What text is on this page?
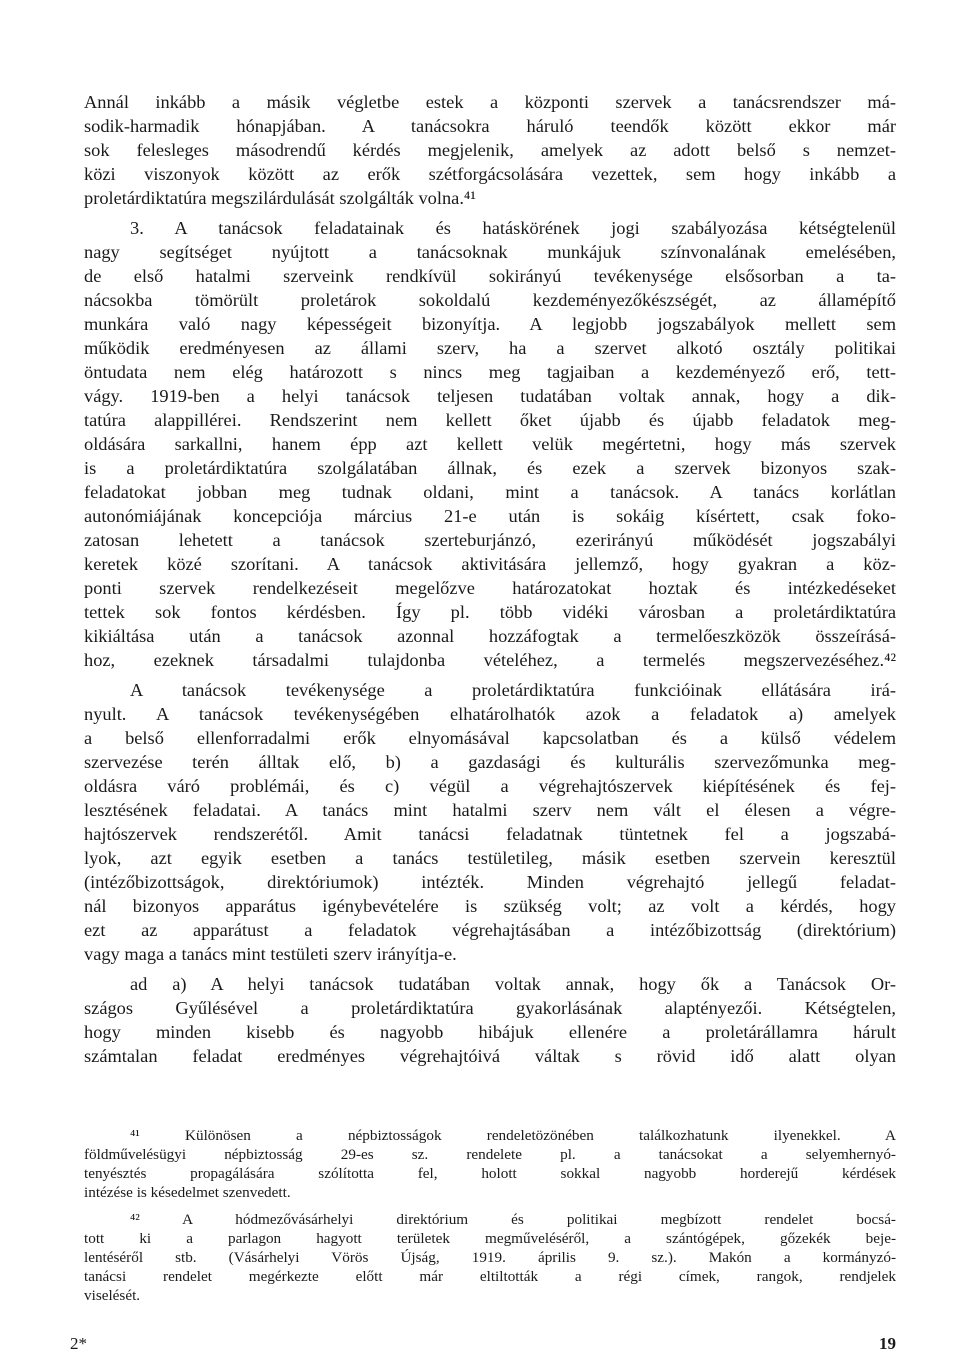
Annál inkább a másik végletbe estek a központi szervek a tanácsrendszer má-
sodik-harmadik hónapjában. A tanácsokra háruló teendők között ekkor már
sok felesleges másodrendű kérdés megjelenik, amelyek az adott belső s nemzet-
közi viszonyok között az erők szétforgácsolására vezettek, sem hogy inkább a
proletárdiktatúra megszilárdulását szolgálták volna.⁴¹
3. A tanácsok feladatainak és hatáskörének jogi szabályozása kétségtelenül
nagy segítséget nyújtott a tanácsoknak munkájuk színvonalának emelésében,
de első hatalmi szerveink rendkívül sokirányú tevékenysége elsősorban a ta-
nácsokba tömörült proletárok sokoldalú kezdeményezőkészségét, az államépítő
munkára való nagy képességeit bizonyítja. A legjobb jogszabályok mellett sem
működik eredményesen az állami szerv, ha a szervet alkotó osztály politikai
öntudata nem elég határozott s nincs meg tagjaiban a kezdeményező erő, tett-
vágy. 1919-ben a helyi tanácsok teljesen tudatában voltak annak, hogy a dik-
tatúra alappillérei. Rendszerint nem kellett őket újabb és újabb feladatok meg-
oldására sarkallni, hanem épp azt kellett velük megértetni, hogy más szervek
is a proletárdiktatúra szolgálatában állnak, és ezek a szervek bizonyos szak-
feladatokat jobban meg tudnak oldani, mint a tanácsok. A tanács korlátlan
autonómiájának koncepciója március 21-e után is sokáig kísértett, csak foko-
zatosan lehetett a tanácsok szerteburjánzó, ezerirányú működését jogszabályi
keretek közé szorítani. A tanácsok aktivitására jellemző, hogy gyakran a köz-
ponti szervek rendelkezéseit megelőzve határozatokat hoztak és intézkedéseket
tettek sok fontos kérdésben. Így pl. több vidéki városban a proletárdiktatúra
kikiáltása után a tanácsok azonnal hozzáfogtak a termelőeszközök összeírásá-
hoz, ezeknek társadalmi tulajdonba vételéhez, a termelés megszervezéséhez.⁴²
A tanácsok tevékenysége a proletárdiktatúra funkcióinak ellátására irá-
nyult. A tanácsok tevékenységében elhatárolhatók azok a feladatok a) amelyek
a belső ellenforradalmi erők elnyomásával kapcsolatban és a külső védelem
szervezése terén álltak elő, b) a gazdasági és kulturális szervezőmunka meg-
oldásra váró problémái, és c) végül a végrehajtószervek kiépítésének és fej-
lesztésének feladatai. A tanács mint hatalmi szerv nem vált el élesen a végre-
hajtószervek rendszerétől. Amit tanácsi feladatnak tüntetnek fel a jogszabá-
lyok, azt egyik esetben a tanács testületileg, másik esetben szervein keresztül
(intézőbizottságok, direktóriumok) intézték. Minden végrehajtó jellegű feladat-
nál bizonyos apparátus igénybevételére is szükség volt; az volt a kérdés, hogy
ezt az apparátust a feladatok végrehajtásában a intézőbizottság (direktórium)
vagy maga a tanács mint testületi szerv irányítja-e.
ad a) A helyi tanácsok tudatában voltak annak, hogy ők a Tanácsok Or-
szágos Gyűlésével a proletárdiktatúra gyakorlásának alaptényezői. Kétségtelen,
hogy minden kisebb és nagyobb hibájuk ellenére a proletárállamra hárult
számtalan feladat eredményes végrehajtóivá váltak s rövid idő alatt olyan
⁴¹ Különösen a népbiztosságok rendeletözönében találkozhatunk ilyenekkel. A
földművelésügyi népbiztosság 29-es sz. rendelete pl. a tanácsokat a selyemhernyó-
tenyésztés propagálására szólította fel, holott sokkal nagyobb horderejű kérdések
intézése is késedelmet szenvedett.
⁴² A hódmezővásárhelyi direktórium és politikai megbízott rendelet bocsá-
tott ki a parlagon hagyott területek megműveléséről, a szántógépek, gőzekék beje-
lentéséről stb. (Vásárhelyi Vörös Újság, 1919. április 9. sz.). Makón a kormányzó-
tanácsi rendelet megérkezte előtt már eltiltották a régi címek, rangok, rendjelek
viselését.
2*	19
